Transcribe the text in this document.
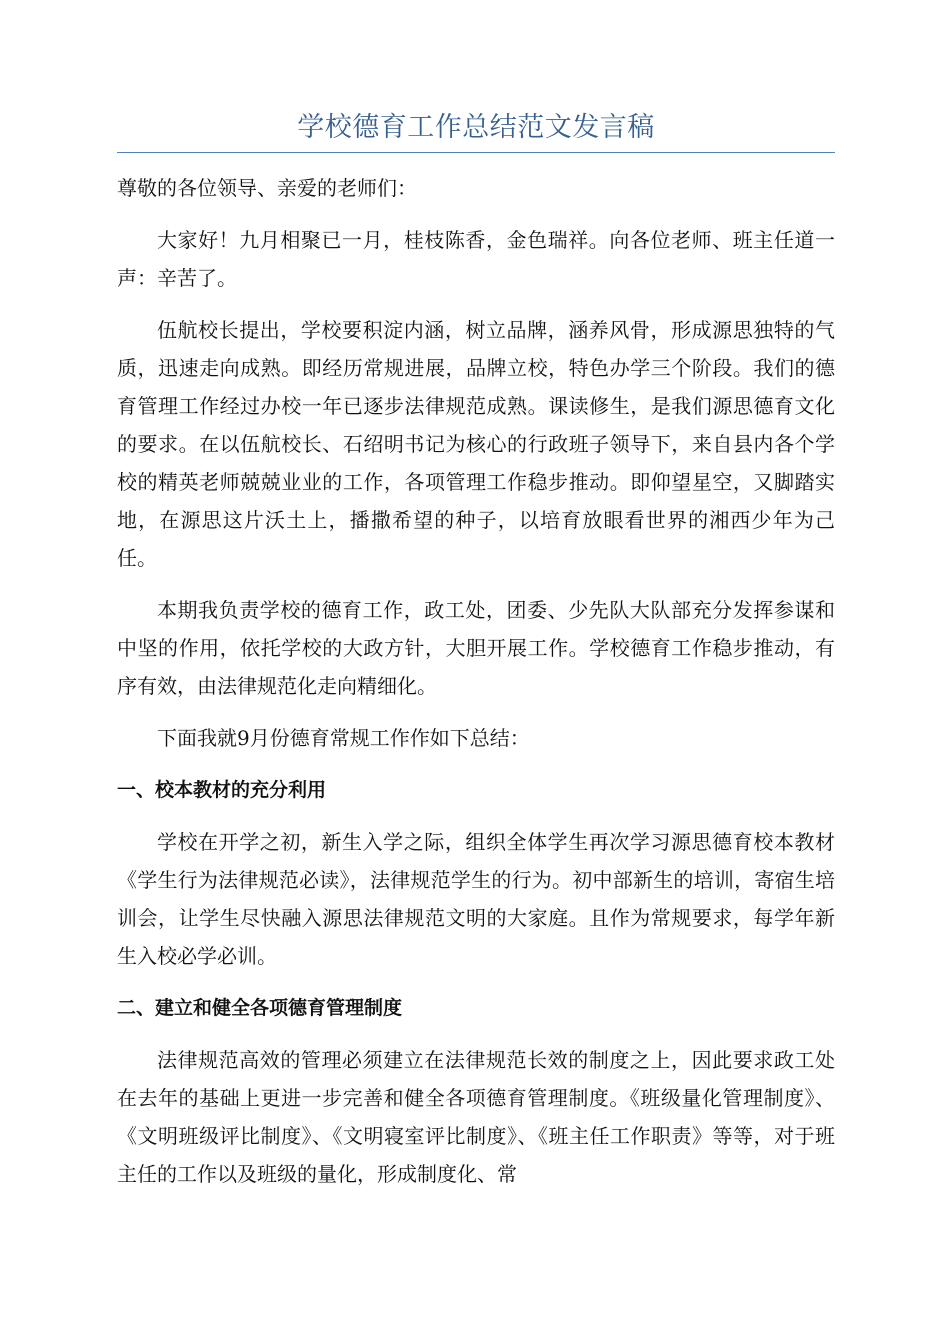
学校德育工作总结范文发言稿

尊敬的各位领导、亲爱的老师们：

大家好！九月相聚已一月，桂枝陈香，金色瑞祥。向各位老师、班主任道一声：辛苦了。

伍航校长提出，学校要积淀内涵，树立品牌，涵养风骨，形成源思独特的气质，迅速走向成熟。即经历常规进展，品牌立校，特色办学三个阶段。我们的德育管理工作经过办校一年已逐步法律规范成熟。课读修生，是我们源思德育文化的要求。在以伍航校长、石绍明书记为核心的行政班子领导下，来自县内各个学校的精英老师兢兢业业的工作，各项管理工作稳步推动。即仰望星空，又脚踏实地，在源思这片沃土上，播撒希望的种子，以培育放眼看世界的湘西少年为己任。

本期我负责学校的德育工作，政工处，团委、少先队大队部充分发挥参谋和中坚的作用，依托学校的大政方针，大胆开展工作。学校德育工作稳步推动，有序有效，由法律规范化走向精细化。

下面我就9月份德育常规工作作如下总结：

一、校本教材的充分利用

学校在开学之初，新生入学之际，组织全体学生再次学习源思德育校本教材《学生行为法律规范必读》，法律规范学生的行为。初中部新生的培训，寄宿生培训会，让学生尽快融入源思法律规范文明的大家庭。且作为常规要求，每学年新生入校必学必训。

二、建立和健全各项德育管理制度

法律规范高效的管理必须建立在法律规范长效的制度之上，因此要求政工处在去年的基础上更进一步完善和健全各项德育管理制度。《班级量化管理制度》、《文明班级评比制度》、《文明寝室评比制度》、《班主任工作职责》等等，对于班主任的工作以及班级的量化，形成制度化、常
